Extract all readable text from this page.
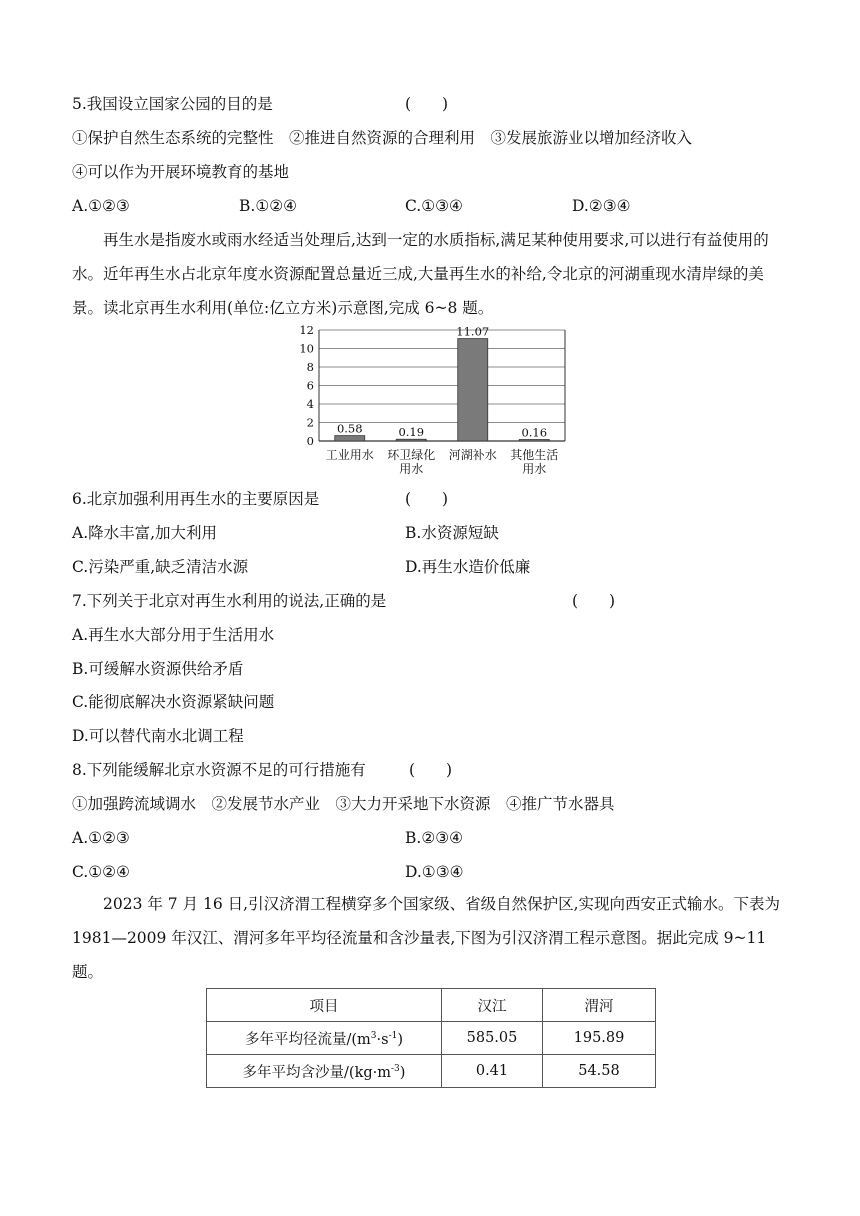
5.我国设立国家公园的目的是	(　　)
①保护自然生态系统的完整性　②推进自然资源的合理利用　③发展旅游业以增加经济收入
④可以作为开展环境教育的基地
A.①②③	B.①②④	C.①③④	D.②③④
再生水是指废水或雨水经适当处理后,达到一定的水质指标,满足某种使用要求,可以进行有益使用的水。近年再生水占北京年度水资源配置总量近三成,大量再生水的补给,令北京的河湖重现水清岸绿的美景。读北京再生水利用(单位:亿立方米)示意图,完成 6~8 题。
0
2
4
6
8
10
12
0.58	0.19
11.07
0.16
工业用水	环卫绿化
用水
河湖补水	其他生活
用水
6.北京加强利用再生水的主要原因是	(　　)
A.降水丰富,加大利用	B.水资源短缺
C.污染严重,缺乏清洁水源	D.再生水造价低廉
7.下列关于北京对再生水利用的说法,正确的是	(　　)
A.再生水大部分用于生活用水
B.可缓解水资源供给矛盾
C.能彻底解决水资源紧缺问题
D.可以替代南水北调工程
8.下列能缓解北京水资源不足的可行措施有	(　　)
①加强跨流域调水　②发展节水产业　③大力开采地下水资源　④推广节水器具
A.①②③	B.②③④
C.①②④	D.①③④
2023 年 7 月 16 日,引汉济渭工程横穿多个国家级、省级自然保护区,实现向西安正式输水。下表为 1981—2009 年汉江、渭河多年平均径流量和含沙量表,下图为引汉济渭工程示意图。据此完成 9~11 题。
项目	汉江	渭河
多年平均径流量$/(m^3\cdot s^{-1})$	585.05	195.89
多年平均含沙量$/(kg\cdot m^{-3})$	0.41	54.58
